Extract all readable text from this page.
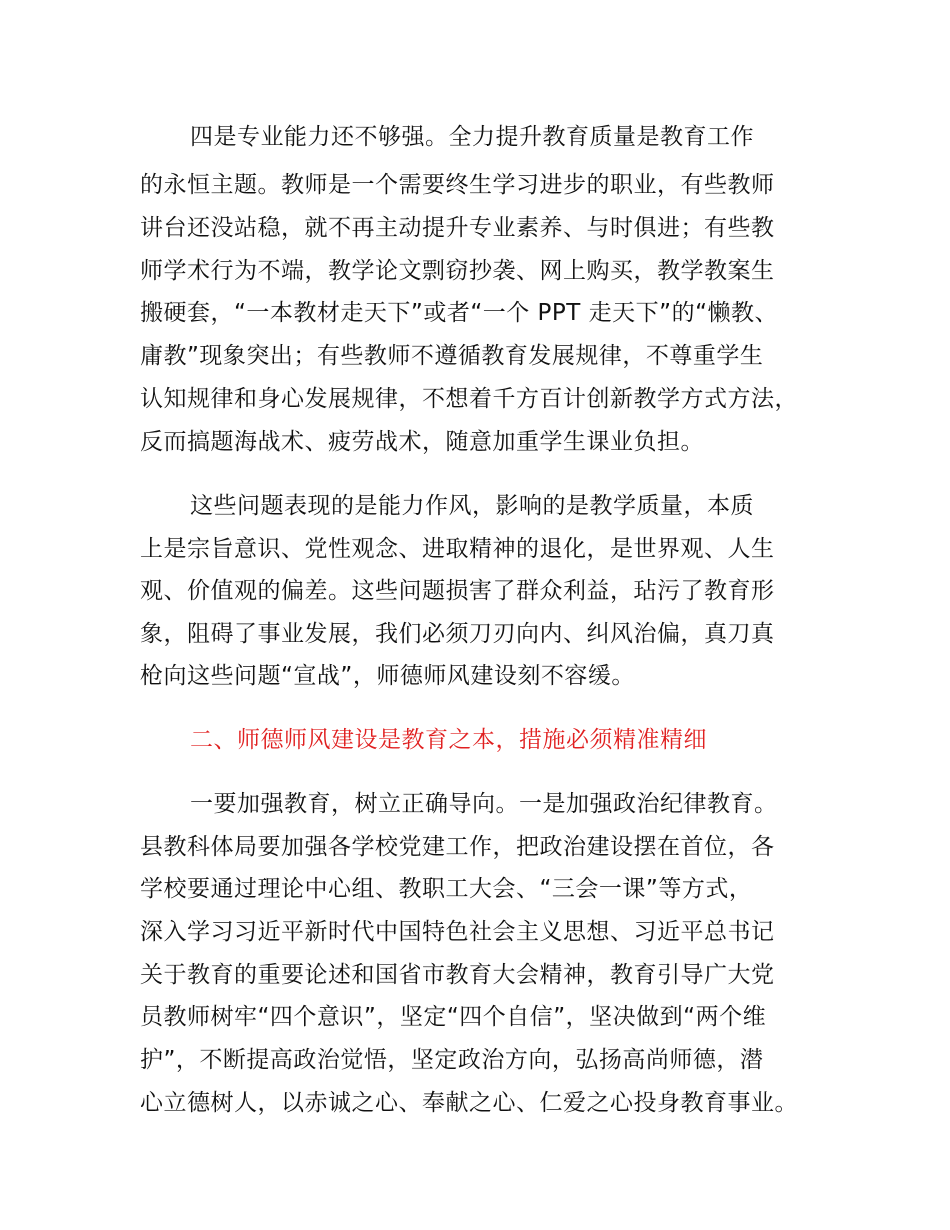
四是专业能力还不够强。全力提升教育质量是教育工作
的永恒主题。教师是一个需要终生学习进步的职业，有些教师
讲台还没站稳，就不再主动提升专业素养、与时俱进；有些教
师学术行为不端，教学论文剽窃抄袭、网上购买，教学教案生
搬硬套，“一本教材走天下”或者“一个 PPT 走天下”的“懒教、
庸教”现象突出；有些教师不遵循教育发展规律，不尊重学生
认知规律和身心发展规律，不想着千方百计创新教学方式方法，
反而搞题海战术、疲劳战术，随意加重学生课业负担。
这些问题表现的是能力作风，影响的是教学质量，本质
上是宗旨意识、党性观念、进取精神的退化，是世界观、人生
观、价值观的偏差。这些问题损害了群众利益，玷污了教育形
象，阻碍了事业发展，我们必须刀刃向内、纠风治偏，真刀真
枪向这些问题“宣战”，师德师风建设刻不容缓。
二、师德师风建设是教育之本，措施必须精准精细
一要加强教育，树立正确导向。一是加强政治纪律教育。
县教科体局要加强各学校党建工作，把政治建设摆在首位，各
学校要通过理论中心组、教职工大会、“三会一课”等方式，
深入学习习近平新时代中国特色社会主义思想、习近平总书记
关于教育的重要论述和国省市教育大会精神，教育引导广大党
员教师树牢“四个意识”，坚定“四个自信”，坚决做到“两个维
护”，不断提高政治觉悟，坚定政治方向，弘扬高尚师德，潜
心立德树人，以赤诚之心、奉献之心、仁爱之心投身教育事业。
